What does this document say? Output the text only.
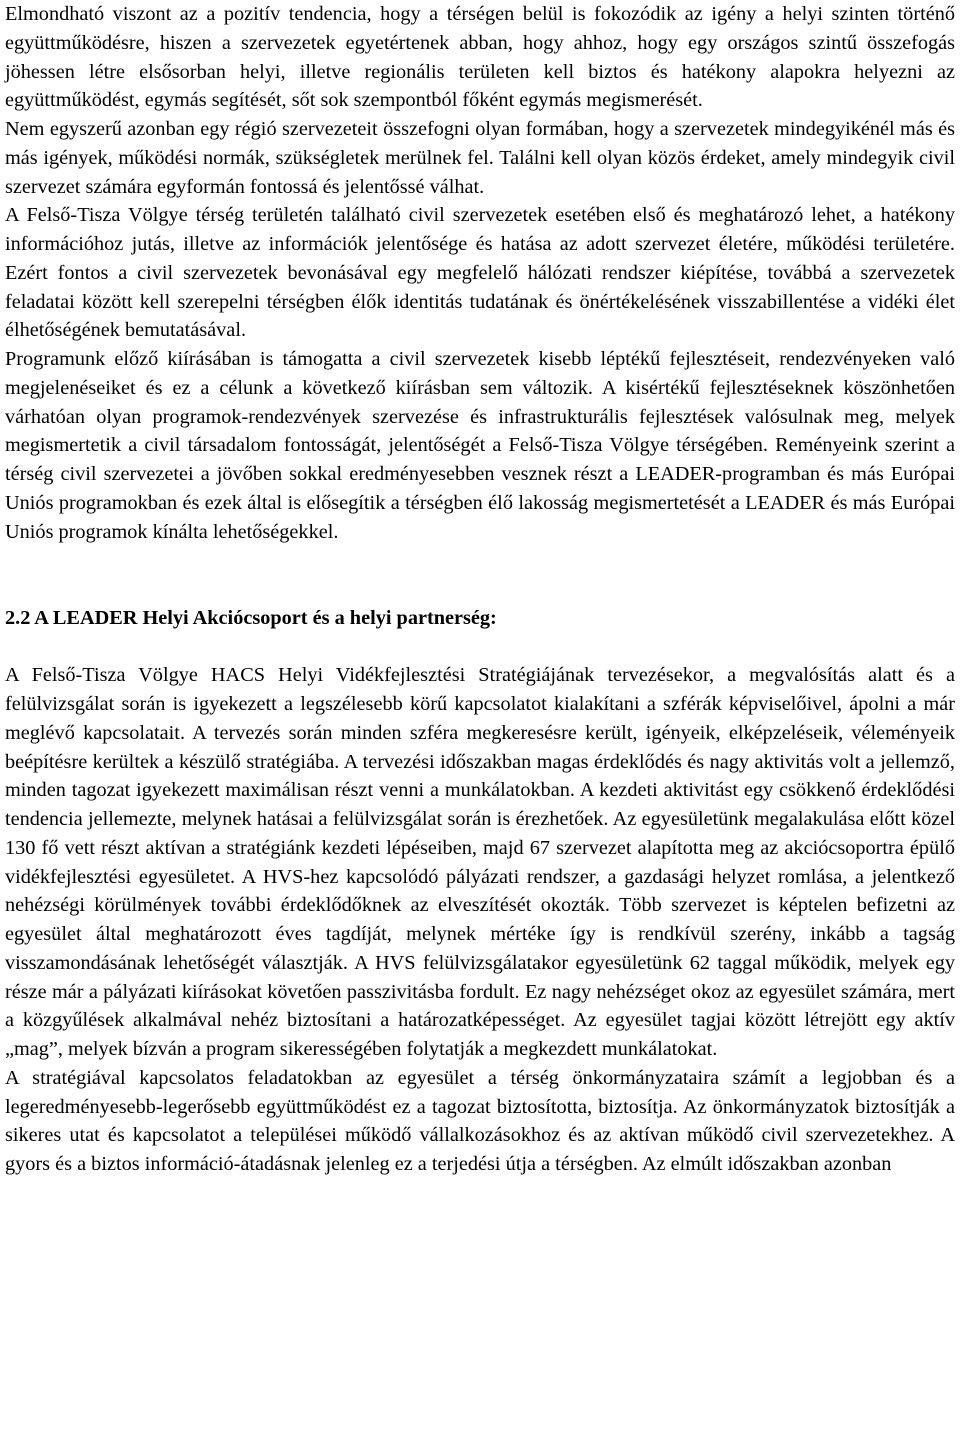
Elmondható viszont az a pozitív tendencia, hogy a térségen belül is fokozódik az igény a helyi szinten történő együttműködésre, hiszen a szervezetek egyetértenek abban, hogy ahhoz, hogy egy országos szintű összefogás jöhessen létre elsősorban helyi, illetve regionális területen kell biztos és hatékony alapokra helyezni az együttműködést, egymás segítését, sőt sok szempontból főként egymás megismerését.

Nem egyszerű azonban egy régió szervezeteit összefogni olyan formában, hogy a szervezetek mindegyikénél más és más igények, működési normák, szükségletek merülnek fel. Találni kell olyan közös érdeket, amely mindegyik civil szervezet számára egyformán fontossá és jelentőssé válhat.

A Felső-Tisza Völgye térség területén található civil szervezetek esetében első és meghatározó lehet, a hatékony információhoz jutás, illetve az információk jelentősége és hatása az adott szervezet életére, működési területére. Ezért fontos a civil szervezetek bevonásával egy megfelelő hálózati rendszer kiépítése, továbbá a szervezetek feladatai között kell szerepelni térségben élők identitás tudatának és önértékelésének visszabillentése a vidéki élet élhetőségének bemutatásával.

Programunk előző kiírásában is támogatta a civil szervezetek kisebb léptékű fejlesztéseit, rendezvényeken való megjelenéseiket és ez a célunk a következő kiírásban sem változik. A kisértékű fejlesztéseknek köszönhetően várhatóan olyan programok-rendezvények szervezése és infrastrukturális fejlesztések valósulnak meg, melyek megismertetik a civil társadalom fontosságát, jelentőségét a Felső-Tisza Völgye térségében. Reményeink szerint a térség civil szervezetei a jövőben sokkal eredményesebben vesznek részt a LEADER-programban és más Európai Uniós programokban és ezek által is elősegítik a térségben élő lakosság megismertetését a LEADER és más Európai Uniós programok kínálta lehetőségekkel.

2.2 A LEADER Helyi Akciócsoport és a helyi partnerség:

A Felső-Tisza Völgye HACS Helyi Vidékfejlesztési Stratégiájának tervezésekor, a megvalósítás alatt és a felülvizsgálat során is igyekezett a legszélesebb körű kapcsolatot kialakítani a szférák képviselőivel, ápolni a már meglévő kapcsolatait. A tervezés során minden szféra megkeresésre került, igényeik, elképzeléseik, véleményeik beépítésre kerültek a készülő stratégiába. A tervezési időszakban magas érdeklődés és nagy aktivitás volt a jellemző, minden tagozat igyekezett maximálisan részt venni a munkálatokban. A kezdeti aktivitást egy csökkenő érdeklődési tendencia jellemezte, melynek hatásai a felülvizsgálat során is érezhetőek. Az egyesületünk megalakulása előtt közel 130 fő vett részt aktívan a stratégiánk kezdeti lépéseiben, majd 67 szervezet alapította meg az akciócsoportra épülő vidékfejlesztési egyesületet. A HVS-hez kapcsolódó pályázati rendszer, a gazdasági helyzet romlása, a jelentkező nehézségi körülmények további érdeklődőknek az elveszítését okozták. Több szervezet is képtelen befizetni az egyesület által meghatározott éves tagdíját, melynek mértéke így is rendkívül szerény, inkább a tagság visszamondásának lehetőségét választják. A HVS felülvizsgálatakor egyesületünk 62 taggal működik, melyek egy része már a pályázati kiírásokat követően passzivitásba fordult. Ez nagy nehézséget okoz az egyesület számára, mert a közgyűlések alkalmával nehéz biztosítani a határozatképességet. Az egyesület tagjai között létrejött egy aktív „mag”, melyek bízván a program sikerességében folytatják a megkezdett munkálatokat.

A stratégiával kapcsolatos feladatokban az egyesület a térség önkormányzataira számít a legjobban és a legeredményesebb-legerősebb együttműködést ez a tagozat biztosította, biztosítja. Az önkormányzatok biztosítják a sikeres utat és kapcsolatot a települései működő vállalkozásokhoz és az aktívan működő civil szervezetekhez. A gyors és a biztos információ-átadásnak jelenleg ez a terjedési útja a térségben. Az elmúlt időszakban azonban
